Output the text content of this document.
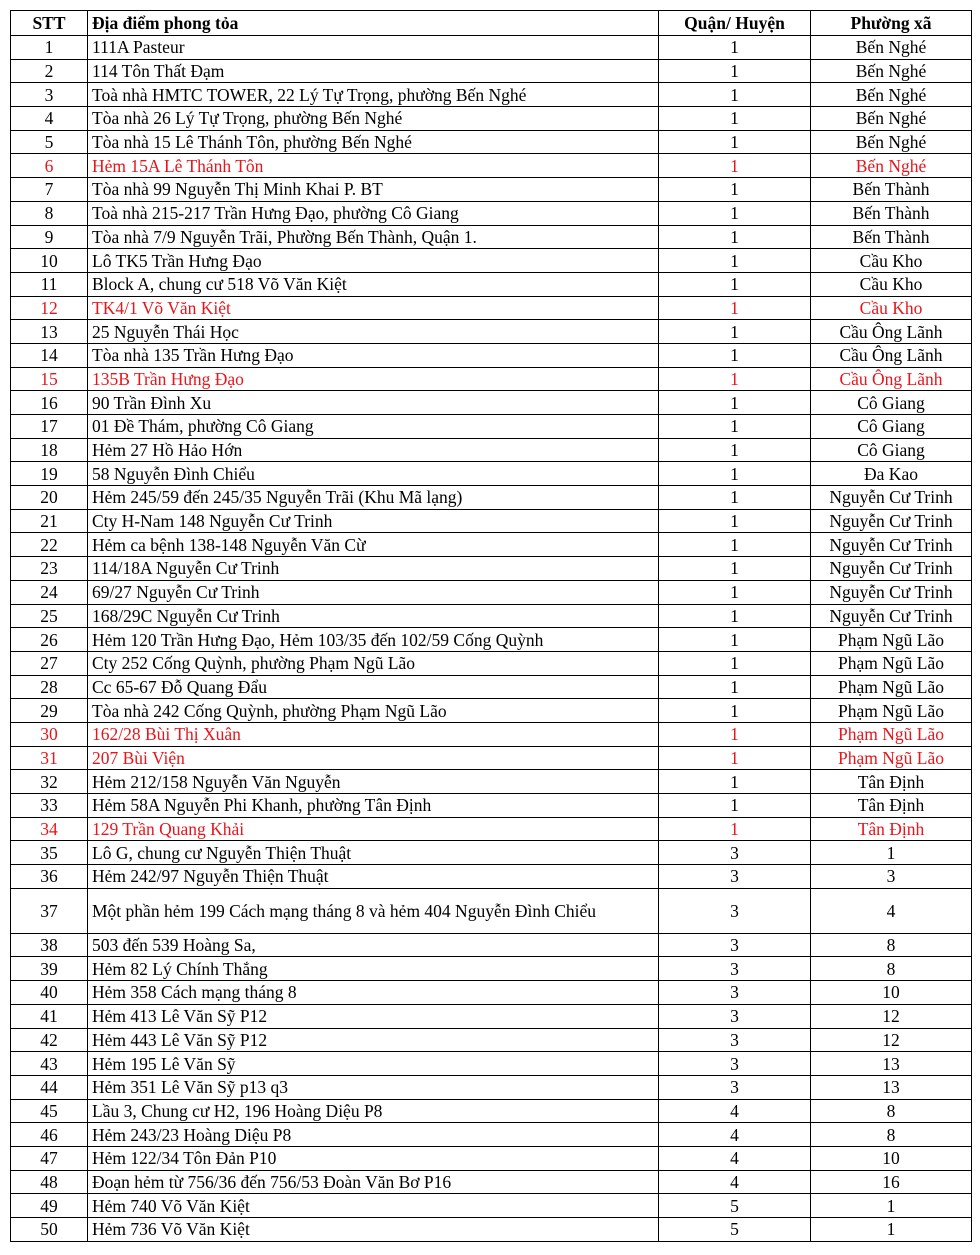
STT	Địa điểm phong tỏa	Quận/ Huyện	Phường xã
1	111A Pasteur	1	Bến Nghé
2	114 Tôn Thất Đạm	1	Bến Nghé
3	Toà nhà HMTC TOWER, 22 Lý Tự Trọng, phường Bến Nghé	1	Bến Nghé
4	Tòa nhà 26 Lý Tự Trọng, phường Bến Nghé	1	Bến Nghé
5	Tòa nhà 15 Lê Thánh Tôn, phường Bến Nghé	1	Bến Nghé
6	Hẻm 15A Lê Thánh Tôn	1	Bến Nghé
7	Tòa nhà 99 Nguyễn Thị Minh Khai P. BT	1	Bến Thành
8	Toà nhà 215-217 Trần Hưng Đạo, phường Cô Giang	1	Bến Thành
9	Tòa nhà 7/9 Nguyễn Trãi, Phường Bến Thành, Quận 1.	1	Bến Thành
10	Lô TK5 Trần Hưng Đạo	1	Cầu Kho
11	Block A, chung cư 518 Võ Văn Kiệt	1	Cầu Kho
12	TK4/1 Võ Văn Kiệt	1	Cầu Kho
13	25 Nguyễn Thái Học	1	Cầu Ông Lãnh
14	Tòa nhà 135 Trần Hưng Đạo	1	Cầu Ông Lãnh
15	135B Trần Hưng Đạo	1	Cầu Ông Lãnh
16	90 Trần Đình Xu	1	Cô Giang
17	01 Đề Thám, phường Cô Giang	1	Cô Giang
18	Hẻm 27 Hồ Hảo Hớn	1	Cô Giang
19	58 Nguyễn Đình Chiểu	1	Đa Kao
20	Hẻm 245/59 đến 245/35 Nguyễn Trãi (Khu Mã lạng)	1	Nguyễn Cư Trinh
21	Cty H-Nam 148 Nguyễn Cư Trinh	1	Nguyễn Cư Trinh
22	Hẻm ca bệnh 138-148 Nguyễn Văn Cừ	1	Nguyễn Cư Trinh
23	114/18A Nguyễn Cư Trinh	1	Nguyễn Cư Trinh
24	69/27 Nguyễn Cư Trinh	1	Nguyễn Cư Trinh
25	168/29C Nguyễn Cư Trinh	1	Nguyễn Cư Trinh
26	Hẻm 120 Trần Hưng Đạo, Hẻm 103/35 đến 102/59 Cống Quỳnh	1	Phạm Ngũ Lão
27	Cty 252 Cống Quỳnh, phường Phạm Ngũ Lão	1	Phạm Ngũ Lão
28	Cc 65-67 Đỗ Quang Đẩu	1	Phạm Ngũ Lão
29	Tòa nhà 242 Cống Quỳnh, phường Phạm Ngũ Lão	1	Phạm Ngũ Lão
30	162/28 Bùi Thị Xuân	1	Phạm Ngũ Lão
31	207 Bùi Viện	1	Phạm Ngũ Lão
32	Hẻm 212/158 Nguyễn Văn Nguyễn	1	Tân Định
33	Hẻm 58A Nguyễn Phi Khanh, phường Tân Định	1	Tân Định
34	129 Trần Quang Khải	1	Tân Định
35	Lô G, chung cư Nguyễn Thiện Thuật	3	1
36	Hẻm 242/97 Nguyễn Thiện Thuật	3	3
37	Một phần hẻm 199 Cách mạng tháng 8 và hẻm 404 Nguyễn Đình Chiểu	3	4
38	503 đến 539 Hoàng Sa,	3	8
39	Hẻm 82 Lý Chính Thắng	3	8
40	Hẻm 358 Cách mạng tháng 8	3	10
41	Hẻm 413 Lê Văn Sỹ P12	3	12
42	Hẻm 443 Lê Văn Sỹ P12	3	12
43	Hẻm 195 Lê Văn Sỹ	3	13
44	Hẻm 351 Lê Văn Sỹ p13 q3	3	13
45	Lầu 3, Chung cư H2, 196 Hoàng Diệu P8	4	8
46	Hẻm 243/23 Hoàng Diệu P8	4	8
47	Hẻm 122/34 Tôn Đản P10	4	10
48	Đoạn hẻm từ 756/36 đến 756/53 Đoàn Văn Bơ P16	4	16
49	Hẻm 740 Võ Văn Kiệt	5	1
50	Hẻm 736 Võ Văn Kiệt	5	1
